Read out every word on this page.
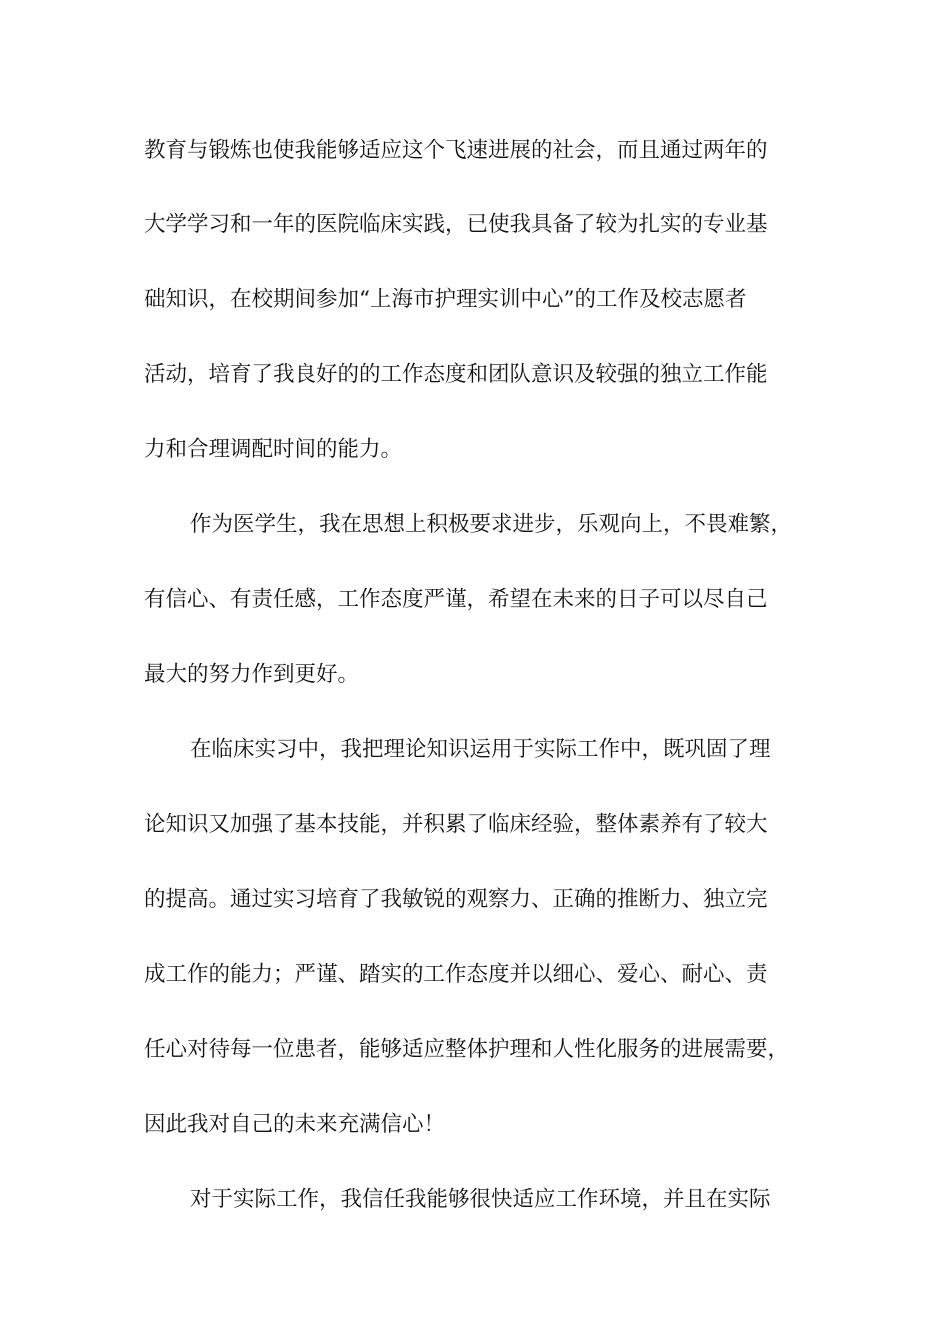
教育与锻炼也使我能够适应这个飞速进展的社会，而且通过两年的
大学学习和一年的医院临床实践，已使我具备了较为扎实的专业基
础知识，在校期间参加“上海市护理实训中心”的工作及校志愿者
活动，培育了我良好的的工作态度和团队意识及较强的独立工作能
力和合理调配时间的能力。
作为医学生，我在思想上积极要求进步，乐观向上，不畏难繁，
有信心、有责任感，工作态度严谨，希望在未来的日子可以尽自己
最大的努力作到更好。
在临床实习中，我把理论知识运用于实际工作中，既巩固了理
论知识又加强了基本技能，并积累了临床经验，整体素养有了较大
的提高。通过实习培育了我敏锐的观察力、正确的推断力、独立完
成工作的能力；严谨、踏实的工作态度并以细心、爱心、耐心、责
任心对待每一位患者，能够适应整体护理和人性化服务的进展需要，
因此我对自己的未来充满信心！
对于实际工作，我信任我能够很快适应工作环境，并且在实际
